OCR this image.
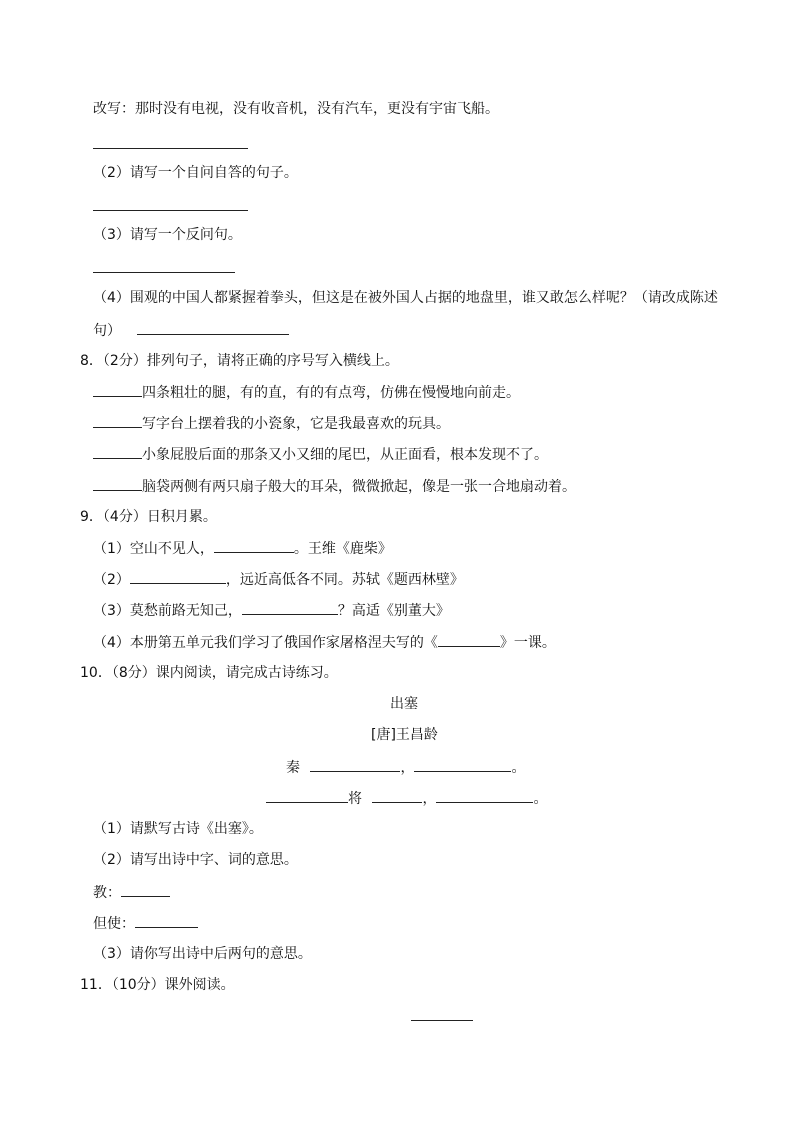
改写：那时没有电视，没有收音机，没有汽车，更没有宇宙飞船。
（2）请写一个自问自答的句子。
（3）请写一个反问句。
（4）围观的中国人都紧握着拳头，但这是在被外国人占据的地盘里，谁又敢怎么样呢？（请改成陈述
句）
8．（2分）排列句子，请将正确的序号写入横线上。
四条粗壮的腿，有的直，有的有点弯，仿佛在慢慢地向前走。
写字台上摆着我的小瓷象，它是我最喜欢的玩具。
小象屁股后面的那条又小又细的尾巴，从正面看，根本发现不了。
脑袋两侧有两只扇子般大的耳朵，微微掀起，像是一张一合地扇动着。
9．（4分）日积月累。
（1）空山不见人，	。王维《鹿柴》
（2）	，远近高低各不同。苏轼《题西林壁》
（3）莫愁前路无知己，	？高适《别董大》
（4）本册第五单元我们学习了俄国作家屠格涅夫写的《	》一课。
10．（8分）课内阅读，请完成古诗练习。
出塞
[唐]王昌龄
秦	，	。
将	，	。
（1）请默写古诗《出塞》。
（2）请写出诗中字、词的意思。
教：
但使：
（3）请你写出诗中后两句的意思。
11．（10分）课外阅读。
